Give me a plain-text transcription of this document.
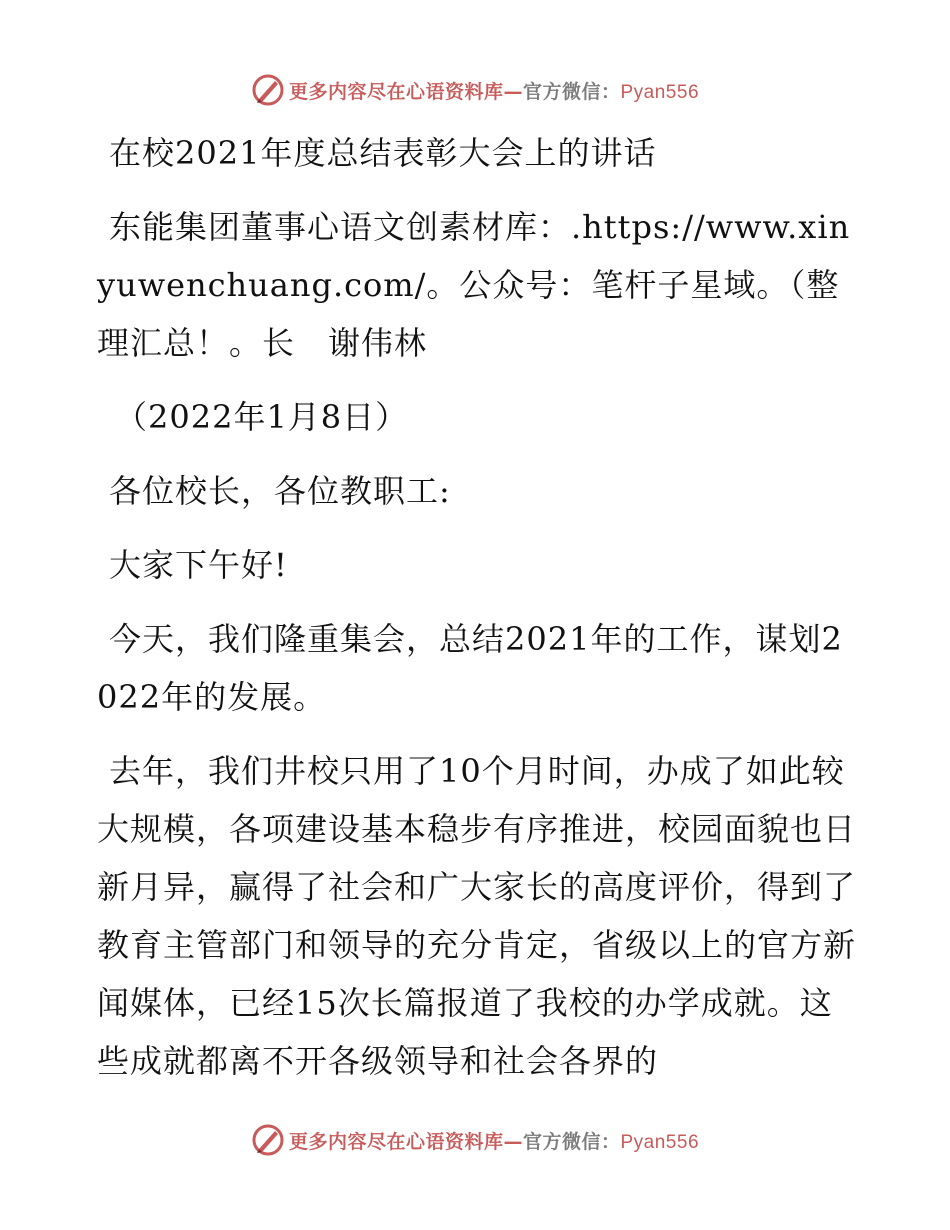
更多内容尽在心语资料库—官方微信：Pyan556

在校2021年度总结表彰大会上的讲话

东能集团董事心语文创素材库：.https://www.xinyuwenchuang.com/。公众号：笔杆子星域。（整理汇总！。长　谢伟林

（2022年1月8日）

各位校长，各位教职工:

大家下午好!

今天，我们隆重集会，总结2021年的工作，谋划2022年的发展。

去年，我们井校只用了10个月时间，办成了如此较大规模，各项建设基本稳步有序推进，校园面貌也日新月异，赢得了社会和广大家长的高度评价，得到了教育主管部门和领导的充分肯定，省级以上的官方新闻媒体，已经15次长篇报道了我校的办学成就。这些成就都离不开各级领导和社会各界的

更多内容尽在心语资料库—官方微信：Pyan556
